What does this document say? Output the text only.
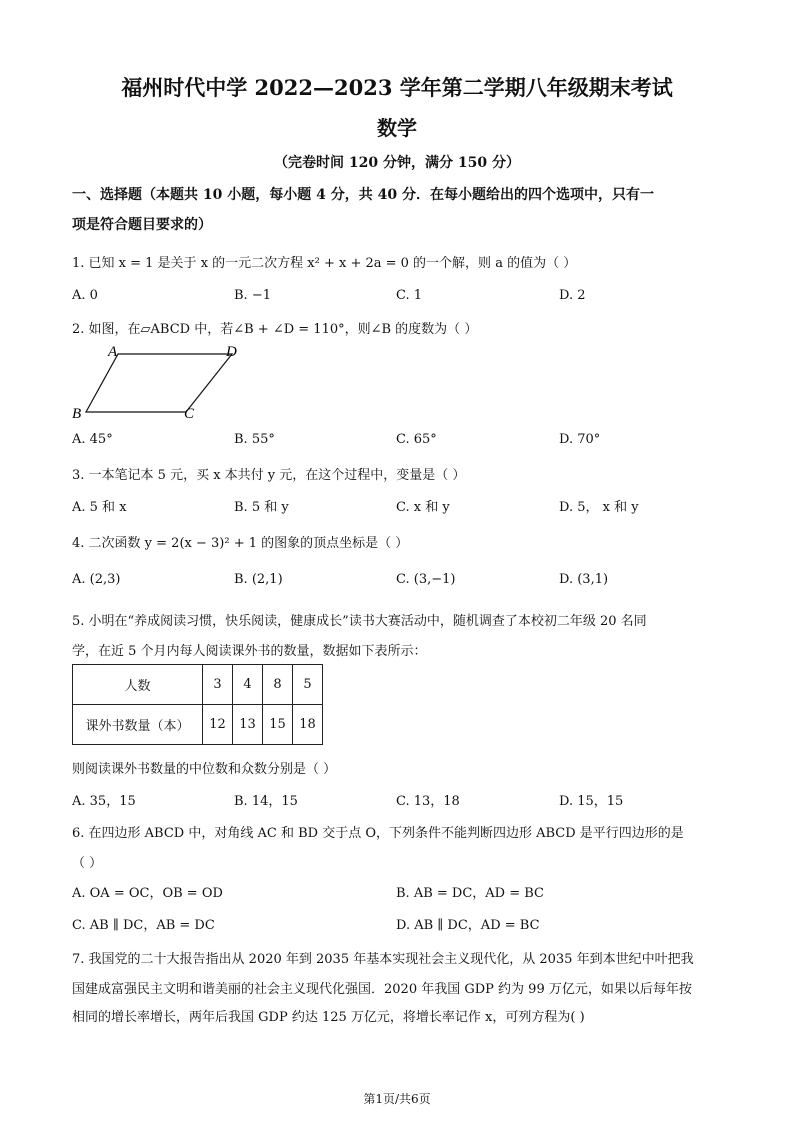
福州时代中学 2022—2023 学年第二学期八年级期末考试
数学
（完卷时间 120 分钟，满分 150 分）
一、选择题（本题共 10 小题，每小题 4 分，共 40 分．在每小题给出的四个选项中，只有一
项是符合题目要求的）
1. 已知 x = 1 是关于 x 的一元二次方程 x² + x + 2a = 0 的一个解，则 a 的值为（ ）
A. 0	B. −1	C. 1	D. 2
2. 如图，在▱ABCD 中，若∠B + ∠D = 110°，则∠B 的度数为（ ）
A	D
B	C
A. 45°	B. 55°	C. 65°	D. 70°
3. 一本笔记本 5 元，买 x 本共付 y 元，在这个过程中，变量是（ ）
A. 5 和 x	B. 5 和 y	C. x 和 y	D. 5， x 和 y
4. 二次函数 y = 2(x − 3)² + 1 的图象的顶点坐标是（ ）
A. (2,3)	B. (2,1)	C. (3,−1)	D. (3,1)
5. 小明在“养成阅读习惯，快乐阅读，健康成长”读书大赛活动中，随机调查了本校初二年级 20 名同
学，在近 5 个月内每人阅读课外书的数量，数据如下表所示：
人数	3	4	8	5
课外书数量（本）	12	13	15	18
则阅读课外书数量的中位数和众数分别是（ ）
A. 35，15	B. 14，15	C. 13，18	D. 15，15
6. 在四边形 ABCD 中，对角线 AC 和 BD 交于点 O，下列条件不能判断四边形 ABCD 是平行四边形的是
（ ）
A. OA = OC，OB = OD	B. AB = DC，AD = BC
C. AB ∥ DC，AB = DC	D. AB ∥ DC，AD = BC
7. 我国党的二十大报告指出从 2020 年到 2035 年基本实现社会主义现代化，从 2035 年到本世纪中叶把我
国建成富强民主文明和谐美丽的社会主义现代化强国．2020 年我国 GDP 约为 99 万亿元，如果以后每年按
相同的增长率增长，两年后我国 GDP 约达 125 万亿元，将增长率记作 x，可列方程为( )
第1页/共6页
